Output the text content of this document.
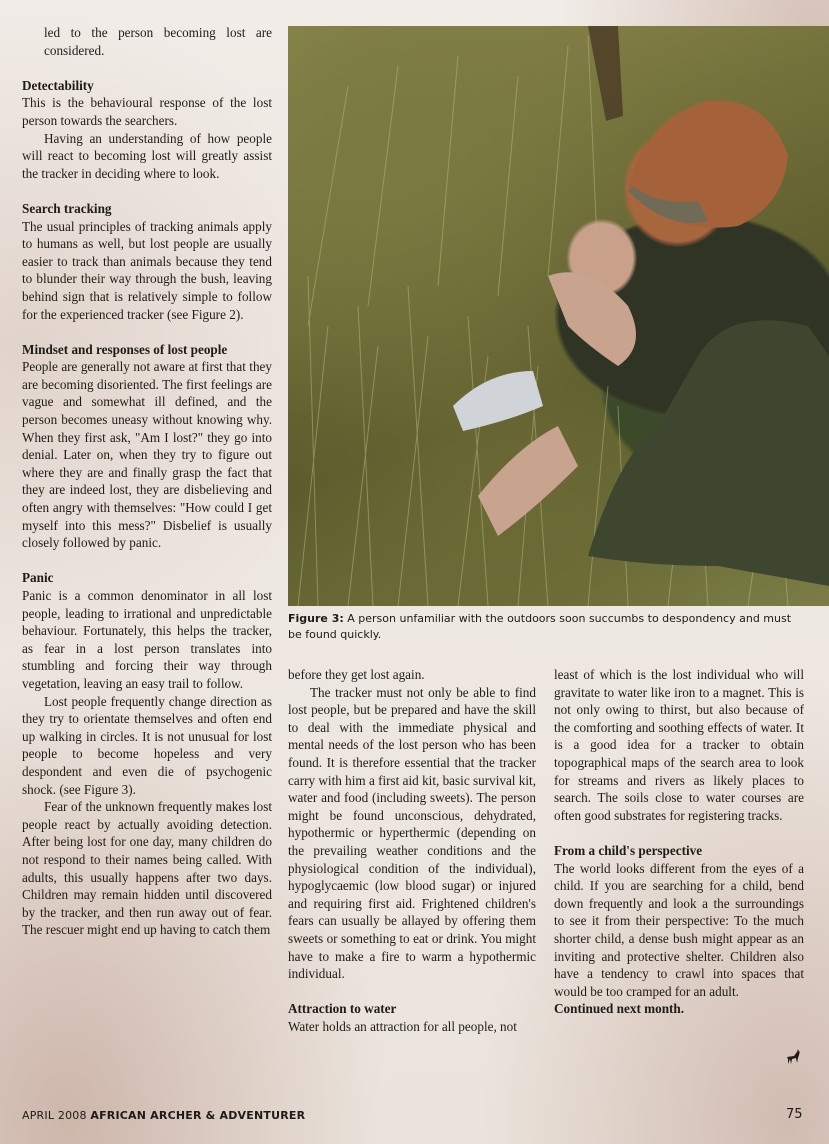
led to the person becoming lost are considered.

Detectability

This is the behavioural response of the lost person towards the searchers.

Having an understanding of how people will react to becoming lost will greatly assist the tracker in deciding where to look.

Search tracking

The usual principles of tracking animals apply to humans as well, but lost people are usually easier to track than animals because they tend to blunder their way through the bush, leaving behind sign that is relatively simple to follow for the experienced tracker (see Figure 2).

Mindset and responses of lost people

People are generally not aware at first that they are becoming disoriented. The first feelings are vague and somewhat ill defined, and the person becomes uneasy without knowing why. When they first ask, "Am I lost?" they go into denial. Later on, when they try to figure out where they are and finally grasp the fact that they are indeed lost, they are disbelieving and often angry with themselves: "How could I get myself into this mess?" Disbelief is usually closely followed by panic.

Panic

Panic is a common denominator in all lost people, leading to irrational and unpredictable behaviour. Fortunately, this helps the tracker, as fear in a lost person translates into stumbling and forcing their way through vegetation, leaving an easy trail to follow.

Lost people frequently change direction as they try to orientate themselves and often end up walking in circles. It is not unusual for lost people to become hopeless and very despondent and even die of psychogenic shock. (see Figure 3).

Fear of the unknown frequently makes lost people react by actually avoiding detection. After being lost for one day, many children do not respond to their names being called. With adults, this usually happens after two days. Children may remain hidden until discovered by the tracker, and then run away out of fear. The rescuer might end up having to catch them

Figure 3: A person unfamiliar with the outdoors soon succumbs to despondency and must be found quickly.

before they get lost again.

The tracker must not only be able to find lost people, but be prepared and have the skill to deal with the immediate physical and mental needs of the lost person who has been found. It is therefore essential that the tracker carry with him a first aid kit, basic survival kit, water and food (including sweets). The person might be found unconscious, dehydrated, hypothermic or hyperthermic (depending on the prevailing weather conditions and the physiological condition of the individual), hypoglycaemic (low blood sugar) or injured and requiring first aid. Frightened children's fears can usually be allayed by offering them sweets or something to eat or drink. You might have to make a fire to warm a hypothermic individual.

Attraction to water

Water holds an attraction for all people, not

least of which is the lost individual who will gravitate to water like iron to a magnet. This is not only owing to thirst, but also because of the comforting and soothing effects of water. It is a good idea for a tracker to obtain topographical maps of the search area to look for streams and rivers as likely places to search. The soils close to water courses are often good substrates for registering tracks.

From a child's perspective

The world looks different from the eyes of a child. If you are searching for a child, bend down frequently and look a the surroundings to see it from their perspective: To the much shorter child, a dense bush might appear as an inviting and protective shelter. Children also have a tendency to crawl into spaces that would be too cramped for an adult.

Continued next month.
APRIL 2008 AFRICAN ARCHER & ADVENTURER	75
